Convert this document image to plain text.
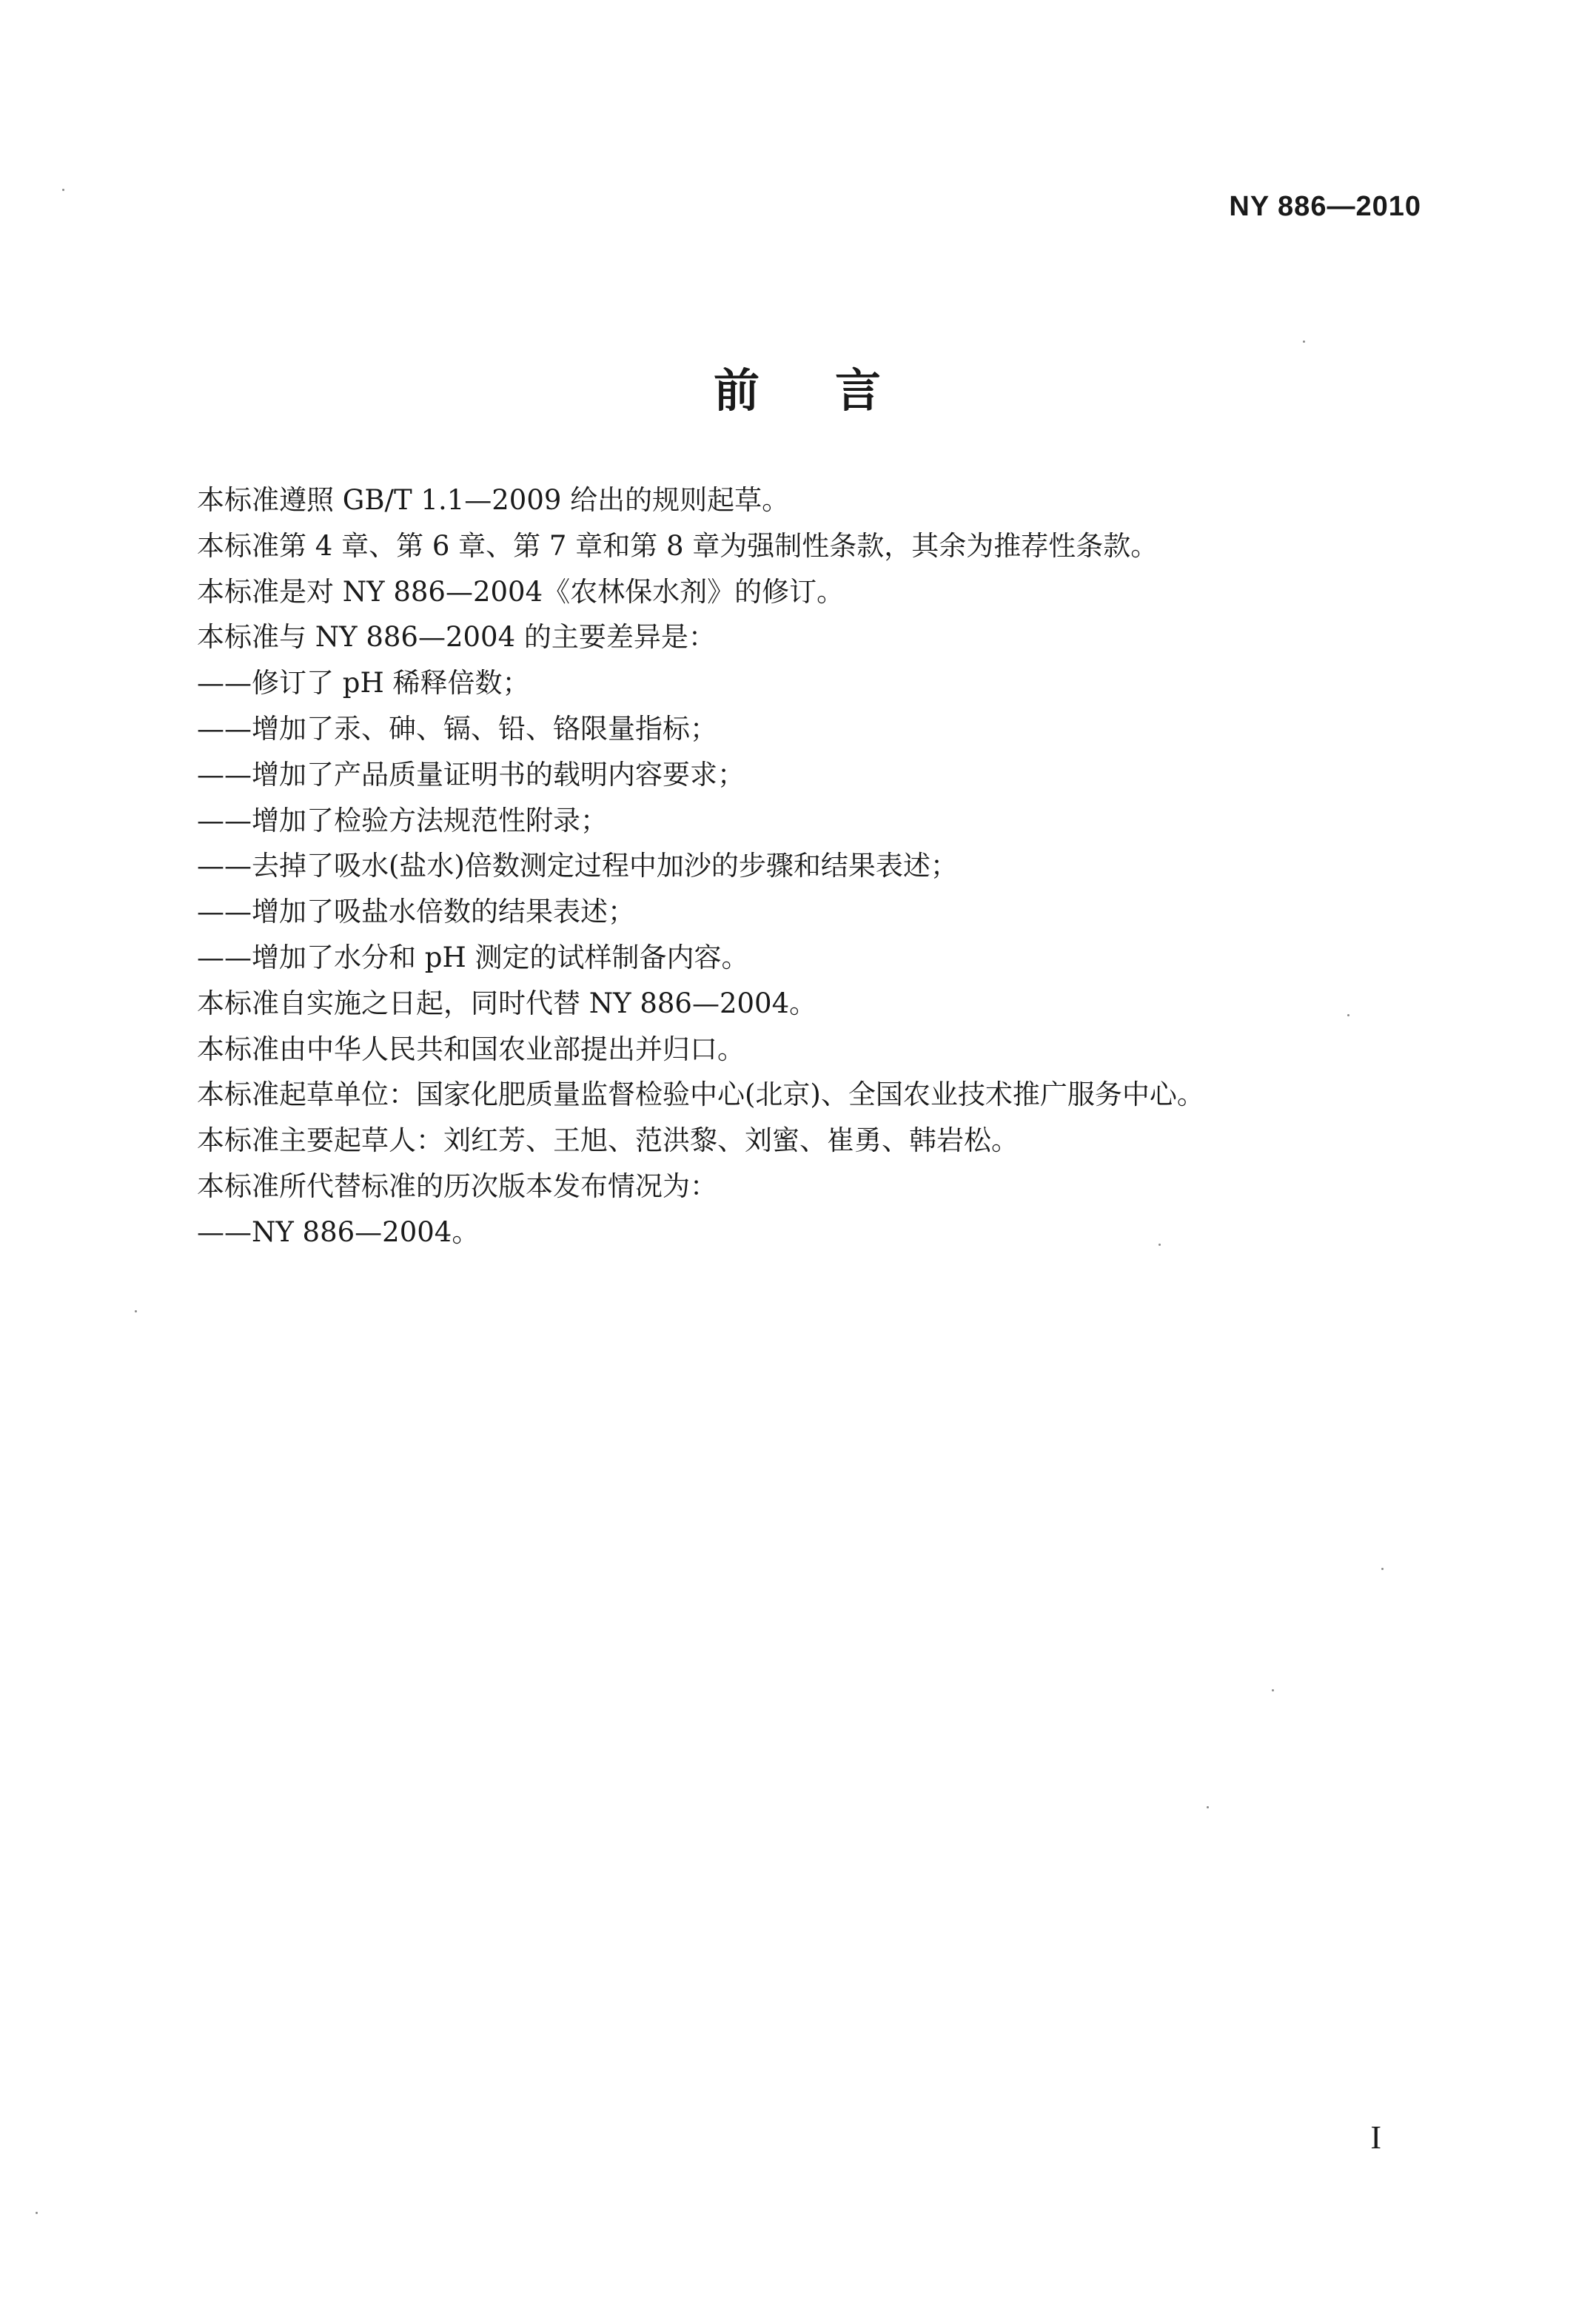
NY 886—2010
前 言
本标准遵照 GB/T 1.1—2009 给出的规则起草。
本标准第 4 章、第 6 章、第 7 章和第 8 章为强制性条款，其余为推荐性条款。
本标准是对 NY 886—2004《农林保水剂》的修订。
本标准与 NY 886—2004 的主要差异是：
——修订了 pH 稀释倍数；
——增加了汞、砷、镉、铅、铬限量指标；
——增加了产品质量证明书的载明内容要求；
——增加了检验方法规范性附录；
——去掉了吸水(盐水)倍数测定过程中加沙的步骤和结果表述；
——增加了吸盐水倍数的结果表述；
——增加了水分和 pH 测定的试样制备内容。
本标准自实施之日起，同时代替 NY 886—2004。
本标准由中华人民共和国农业部提出并归口。
本标准起草单位：国家化肥质量监督检验中心(北京)、全国农业技术推广服务中心。
本标准主要起草人：刘红芳、王旭、范洪黎、刘蜜、崔勇、韩岩松。
本标准所代替标准的历次版本发布情况为：
——NY 886—2004。
I
